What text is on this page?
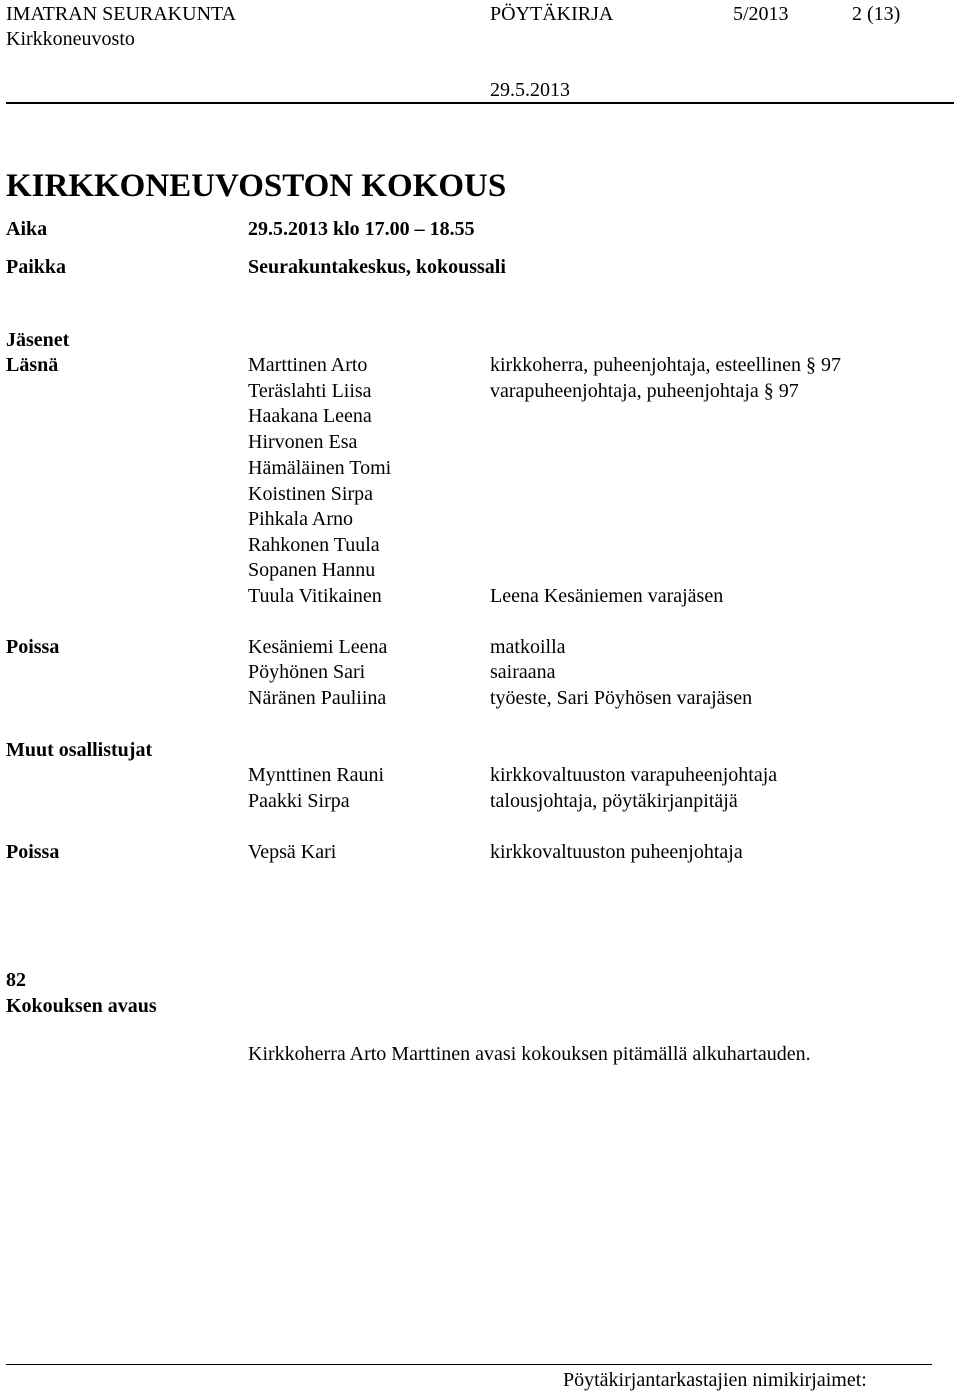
IMATRAN SEURAKUNTA
Kirkkoneuvosto
PÖYTÄKIRJA	5/2013	2 (13)
29.5.2013
KIRKKONEUVOSTON KOKOUS
Aika	29.5.2013 klo 17.00 – 18.55
Paikka	Seurakuntakeskus, kokoussali
Jäsenet
Läsnä	Marttinen Arto	kirkkoherra, puheenjohtaja, esteellinen § 97
Teräslahti Liisa	varapuheenjohtaja, puheenjohtaja § 97
Haakana Leena
Hirvonen Esa
Hämäläinen Tomi
Koistinen Sirpa
Pihkala Arno
Rahkonen Tuula
Sopanen Hannu
Tuula Vitikainen	Leena Kesäniemen varajäsen
Poissa	Kesäniemi Leena	matkoilla
Pöyhönen Sari	sairaana
Näränen Pauliina	työeste, Sari Pöyhösen varajäsen
Muut osallistujat
Mynttinen Rauni	kirkkovaltuuston varapuheenjohtaja
Paakki Sirpa	talousjohtaja, pöytäkirjanpitäjä
Poissa	Vepsä Kari	kirkkovaltuuston puheenjohtaja
82
Kokouksen avaus
Kirkkoherra Arto Marttinen avasi kokouksen pitämällä alkuhartauden.
Pöytäkirjantarkastajien nimikirjaimet:
